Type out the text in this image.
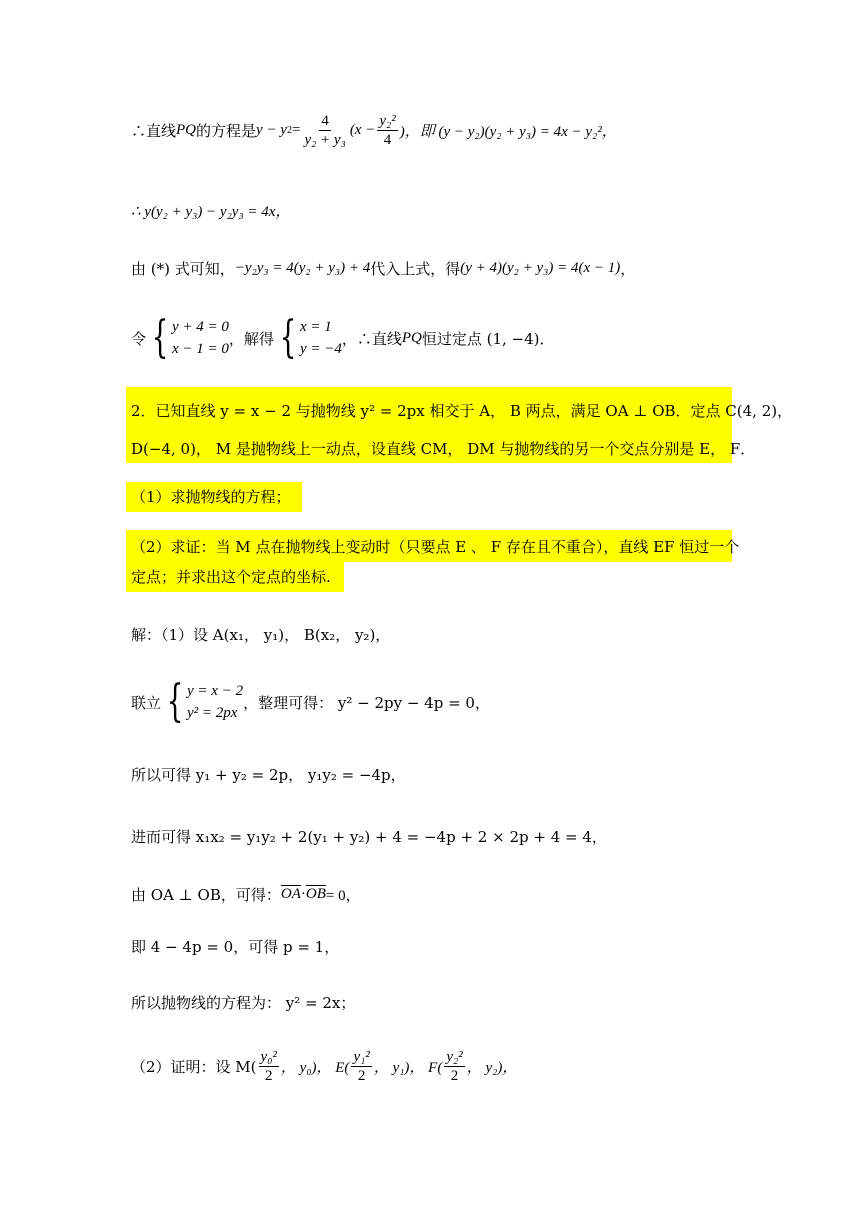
∴直线 PQ 的方程是 y − y $2 = \frac{4}{\text{y₂ + y₃}} (x - \frac{\text{y₂²}}{4}$ )，即 (y − y₂)(y₂ + y₃) = 4x − y₂²，
∴ y(y₂ + y₃) − y₂y₃ = 4x，
由 (*) 式可知， −y₂y₃ = 4(y₂ + y₃) + 4 代入上式，得 (y + 4)(y₂ + y₃) = 4(x − 1) ，
令 { y + 4 = 0
x − 1 = 0
，解得 { x = 1
y = −4
，∴直线 PQ 恒过定点 (1, −4)．
2．已知直线 y = x − 2 与抛物线 y² = 2px 相交于 A， B 两点，满足 OA ⊥ OB．定点 C(4, 2)，
D(−4, 0)， M 是抛物线上一动点，设直线 CM， DM 与抛物线的另一个交点分别是 E， F．
（1）求抛物线的方程；
（2）求证：当 M 点在抛物线上变动时（只要点 E 、 F 存在且不重合），直线 EF 恒过一个
定点；并求出这个定点的坐标.
解：（1）设 A(x₁， y₁)， B(x₂， y₂)，
联立 { y = x − 2
y² = 2px
，整理可得： y² − 2py − 4p = 0，
所以可得 y₁ + y₂ = 2p， y₁y₂ = −4p，
进而可得 x₁x₂ = y₁y₂ + 2(y₁ + y₂) + 4 = −4p + 2 × 2p + 4 = 4，
由 OA ⊥ OB，可得： $\overline{OA} \cdot \overline{OB} = 0$，
即 4 − 4p = 0，可得 p = 1，
所以抛物线的方程为： y² = 2x；
（2）证明：设 $M( \frac{\text{y₀²}}{2}$ ， y₀)， $E( \frac{\text{y₁²}}{2}$ ， y₁)， $F( \frac{\text{y₂²}}{2}$ ， y₂)，
